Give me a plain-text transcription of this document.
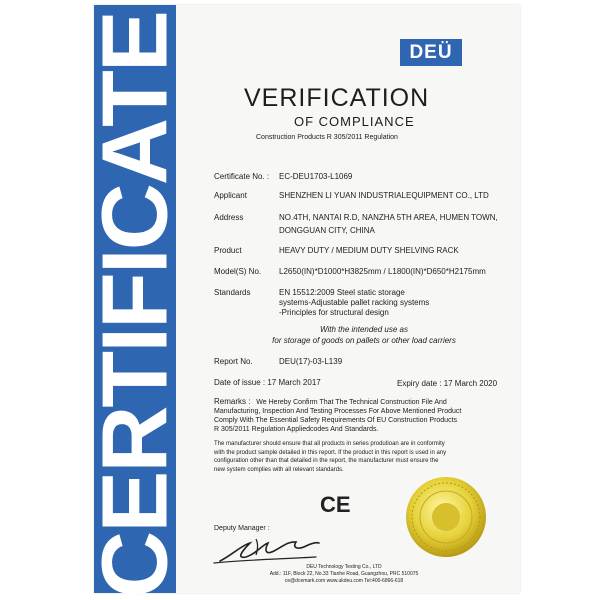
CERTIFICATE	DEÜ
VERIFICATION
OF COMPLIANCE
Construction Products R 305/2011 Regulation
Certificate No. : EC-DEU1703-L1069
Applicant	SHENZHEN LI YUAN INDUSTRIALEQUIPMENT CO., LTD
Address	NO.4TH, NANTAI R.D, NANZHA 5TH AREA, HUMEN TOWN,
DONGGUAN CITY, CHINA
Product	HEAVY DUTY / MEDIUM DUTY SHELVING RACK
Model(S) No. L2650(IN)*D1000*H3825mm / L1800(IN)*D650*H2175mm
Standards	EN 15512:2009 Steel static storage
systems-Adjustable pallet racking systems
-Principles for structural design
With the intended use as
for storage of goods on pallets or other load carriers
Report No.	DEU(17)-03-L139
Date of issue : 17 March 2017	Expiry date : 17 March 2020
Remarks : We Hereby Confirm That The Technical Construction File And
Manufacturing, Inspection And Testing Processes For Above Mentioned Product
Comply With The Essential Safety Requirements Of EU Construction Products
R 305/2011 Regulation Appliedcodes And Standards.
The manufacturer should ensure that all products in series produtioan are in conformity
with the product sample detailed in this report. If the product in this report is used in any
configuration other than that detailed in the report, the manufacturer must ensure the
new system complies with all relevant standards.
CE
Deputy Manager :
DEU Technology Testing Co., LTD
Add.: 11F, Block 22, No.33 Tianhe Road, Guangzhou, PRC 510075
ce@dcemark.com www.ukdeu.com Tel:400-6866-618
